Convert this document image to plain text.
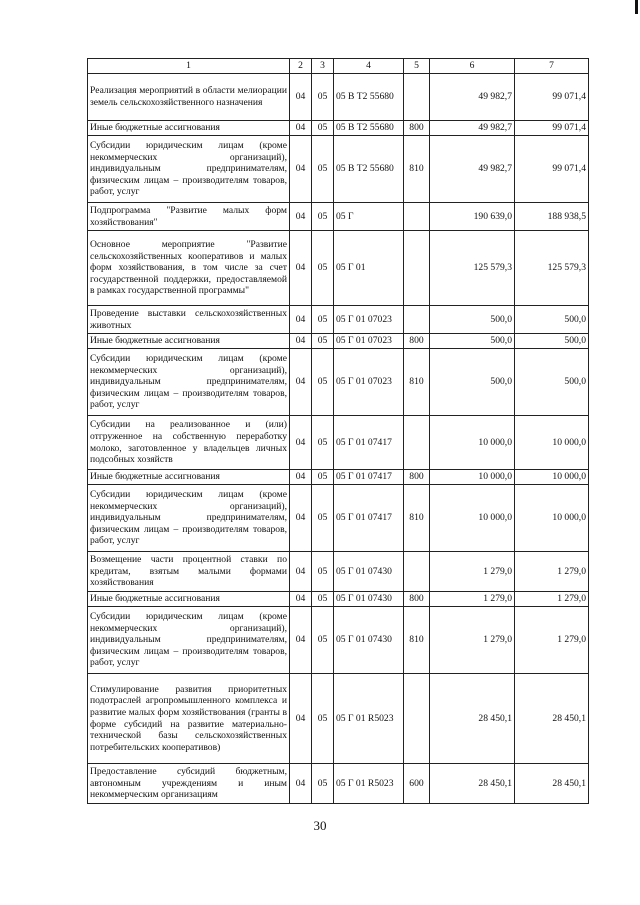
1	2	3	4	5	6	7
Реализация мероприятий в области мелиорации земель сельскохозяйственного назначения	04	05	05 В Т2 55680		49 982,7	99 071,4
Иные бюджетные ассигнования	04	05	05 В Т2 55680	800	49 982,7	99 071,4
Субсидии юридическим лицам (кроме некоммерческих организаций), индивидуальным предпринимателям, физическим лицам – производителям товаров, работ, услуг	04	05	05 В Т2 55680	810	49 982,7	99 071,4
Подпрограмма "Развитие малых форм хозяйствования"	04	05	05 Г		190 639,0	188 938,5
Основное мероприятие "Развитие сельскохозяйственных кооперативов и малых форм хозяйствования, в том числе за счет государственной поддержки, предоставляемой в рамках государственной программы"	04	05	05 Г 01		125 579,3	125 579,3
Проведение выставки сельскохозяйственных животных	04	05	05 Г 01 07023		500,0	500,0
Иные бюджетные ассигнования	04	05	05 Г 01 07023	800	500,0	500,0
Субсидии юридическим лицам (кроме некоммерческих организаций), индивидуальным предпринимателям, физическим лицам – производителям товаров, работ, услуг	04	05	05 Г 01 07023	810	500,0	500,0
Субсидии на реализованное и (или) отгруженное на собственную переработку молоко, заготовленное у владельцев личных подсобных хозяйств	04	05	05 Г 01 07417		10 000,0	10 000,0
Иные бюджетные ассигнования	04	05	05 Г 01 07417	800	10 000,0	10 000,0
Субсидии юридическим лицам (кроме некоммерческих организаций), индивидуальным предпринимателям, физическим лицам – производителям товаров, работ, услуг	04	05	05 Г 01 07417	810	10 000,0	10 000,0
Возмещение части процентной ставки по кредитам, взятым малыми формами хозяйствования	04	05	05 Г 01 07430		1 279,0	1 279,0
Иные бюджетные ассигнования	04	05	05 Г 01 07430	800	1 279,0	1 279,0
Субсидии юридическим лицам (кроме некоммерческих организаций), индивидуальным предпринимателям, физическим лицам – производителям товаров, работ, услуг	04	05	05 Г 01 07430	810	1 279,0	1 279,0
Стимулирование развития приоритетных подотраслей агропромышленного комплекса и развитие малых форм хозяйствования (гранты в форме субсидий на развитие материально-технической базы сельскохозяйственных потребительских кооперативов)	04	05	05 Г 01 R5023		28 450,1	28 450,1
Предоставление субсидий бюджетным, автономным учреждениям и иным некоммерческим организациям	04	05	05 Г 01 R5023	600	28 450,1	28 450,1
30
